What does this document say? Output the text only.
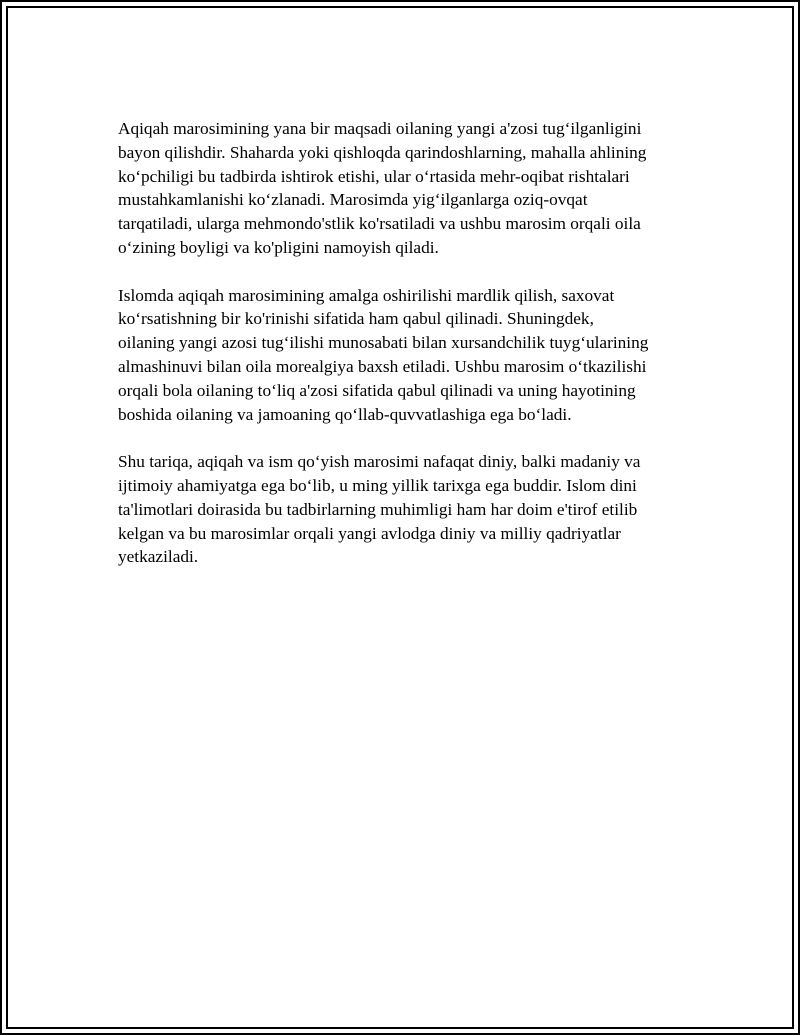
Aqiqah marosimining yana bir maqsadi oilaning yangi a'zosi tug‘ilganligini
bayon qilishdir. Shaharda yoki qishloqda qarindoshlarning, mahalla ahlining
ko‘pchiligi bu tadbirda ishtirok etishi, ular o‘rtasida mehr-oqibat rishtalari
mustahkamlanishi ko‘zlanadi. Marosimda yig‘ilganlarga oziq-ovqat
tarqatiladi, ularga mehmondo'stlik ko'rsatiladi va ushbu marosim orqali oila
o‘zining boyligi va ko'pligini namoyish qiladi.
Islomda aqiqah marosimining amalga oshirilishi mardlik qilish, saxovat
ko‘rsatishning bir ko'rinishi sifatida ham qabul qilinadi. Shuningdek,
oilaning yangi azosi tug‘ilishi munosabati bilan xursandchilik tuyg‘ularining
almashinuvi bilan oila morealgiya baxsh etiladi. Ushbu marosim o‘tkazilishi
orqali bola oilaning to‘liq a'zosi sifatida qabul qilinadi va uning hayotining
boshida oilaning va jamoaning qo‘llab-quvvatlashiga ega bo‘ladi.
Shu tariqa, aqiqah va ism qo‘yish marosimi nafaqat diniy, balki madaniy va
ijtimoiy ahamiyatga ega bo‘lib, u ming yillik tarixga ega buddir. Islom dini
ta'limotlari doirasida bu tadbirlarning muhimligi ham har doim e'tirof etilib
kelgan va bu marosimlar orqali yangi avlodga diniy va milliy qadriyatlar
yetkaziladi.
